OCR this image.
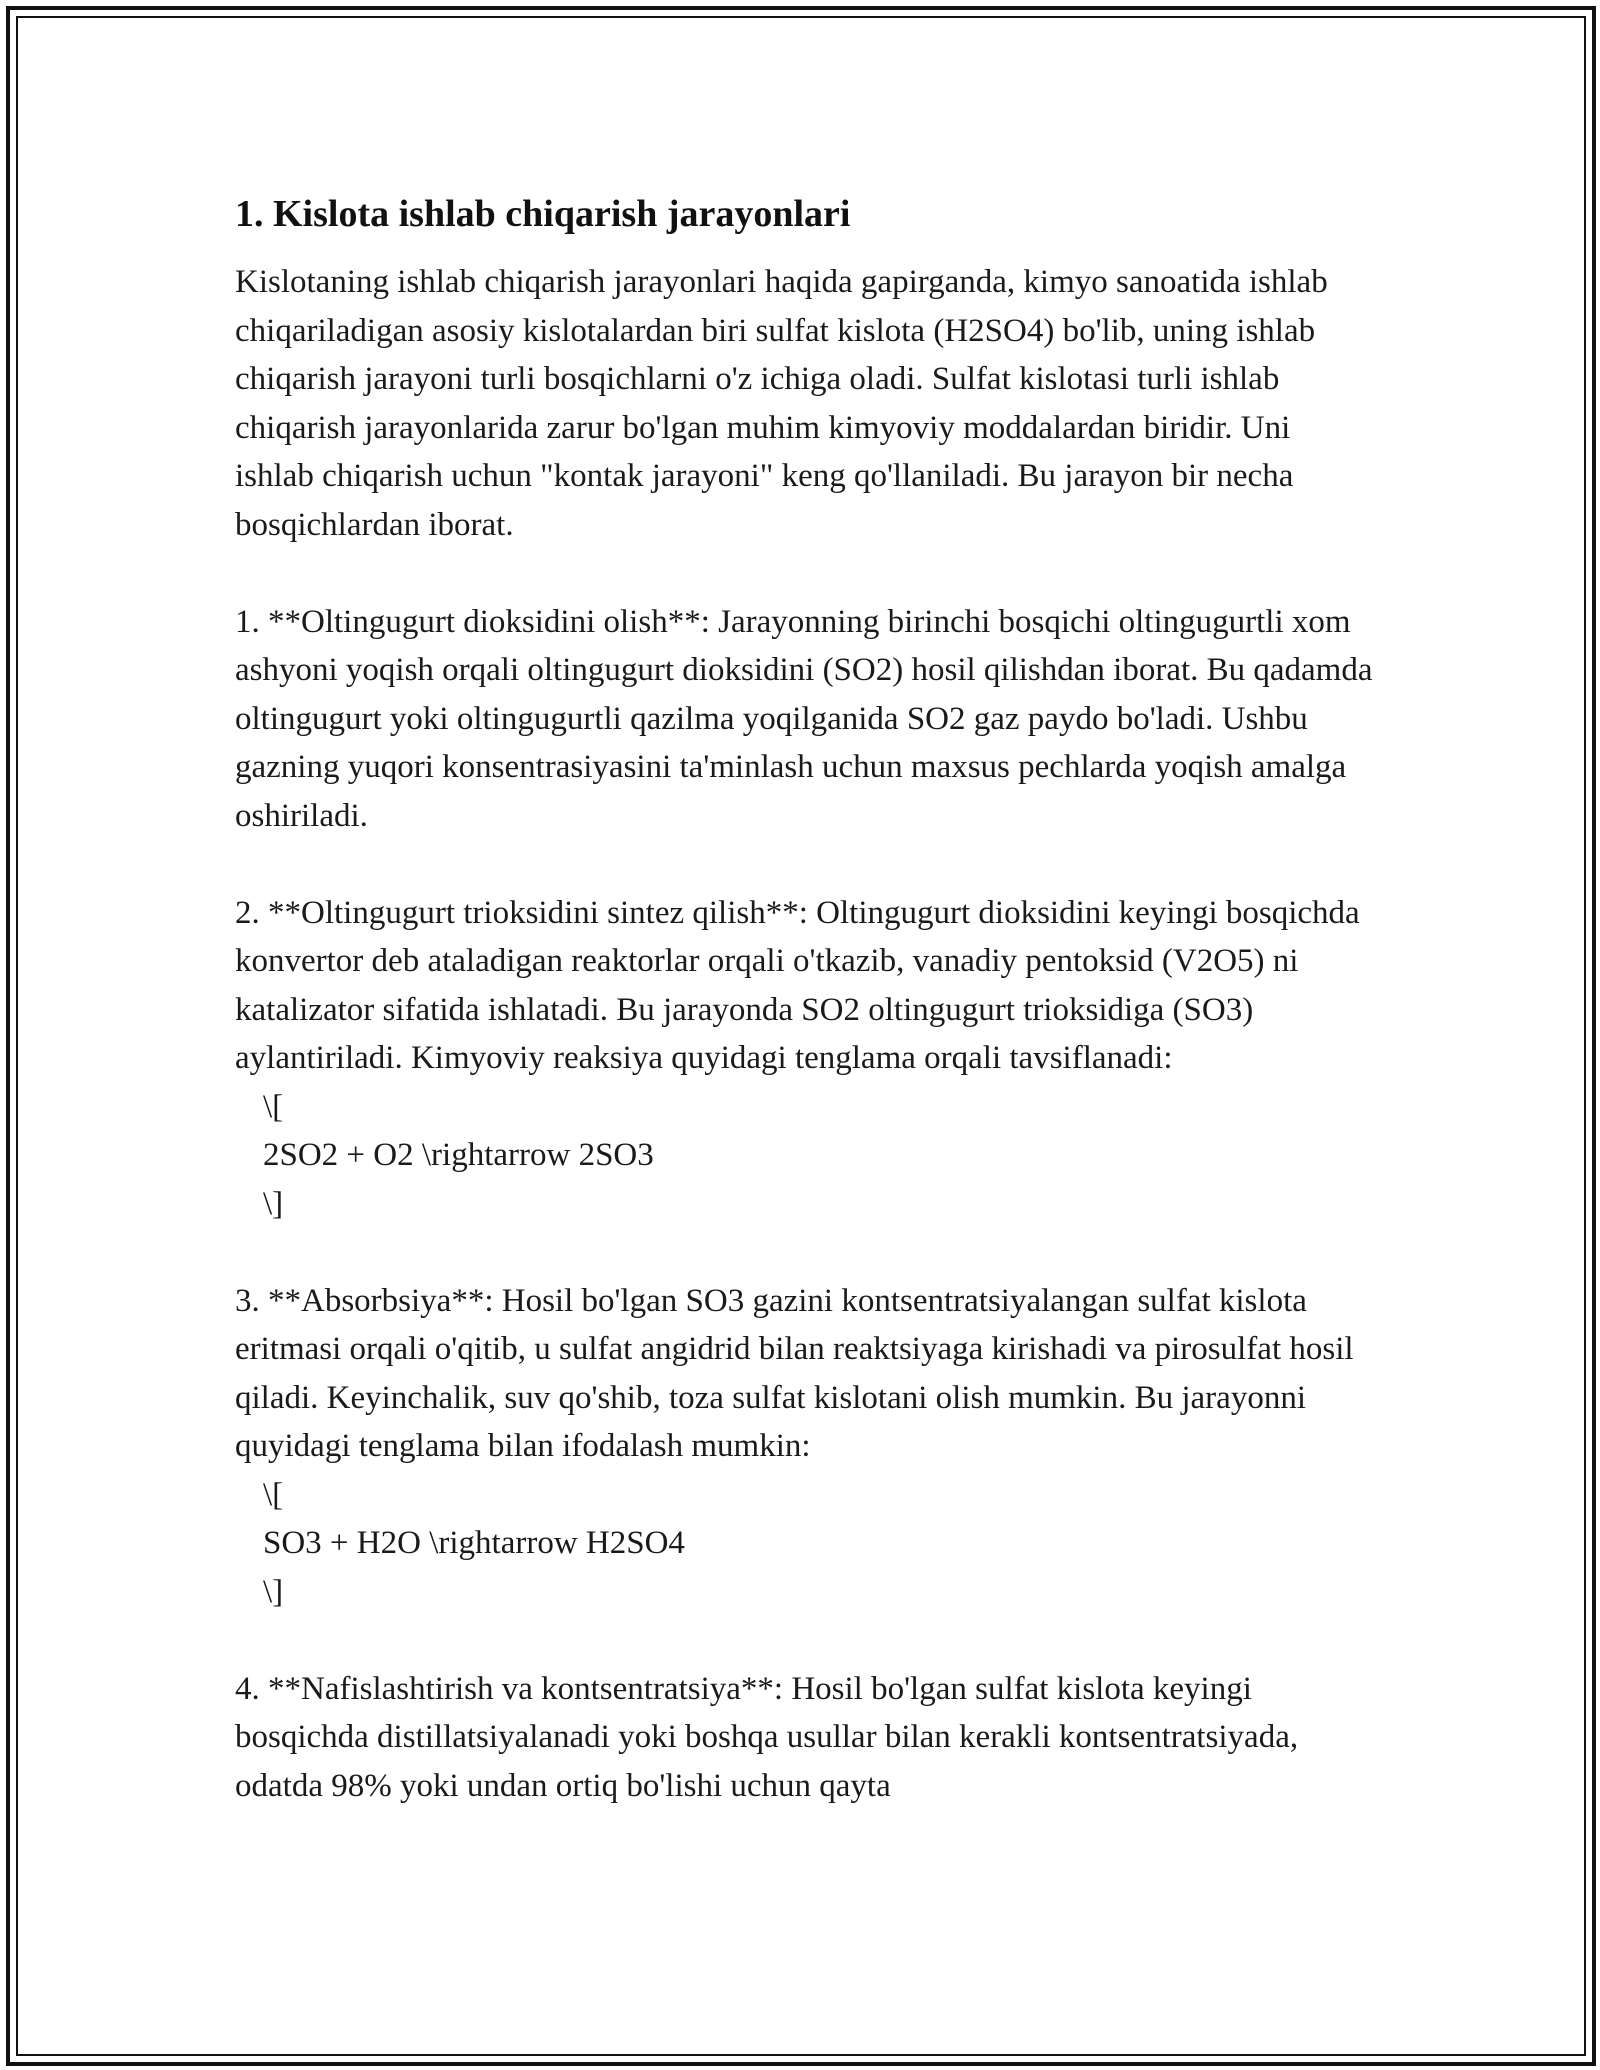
1. Kislota ishlab chiqarish jarayonlari

Kislotaning ishlab chiqarish jarayonlari haqida gapirganda, kimyo sanoatida ishlab chiqariladigan asosiy kislotalardan biri sulfat kislota (H2SO4) bo'lib, uning ishlab chiqarish jarayoni turli bosqichlarni o'z ichiga oladi. Sulfat kislotasi turli ishlab chiqarish jarayonlarida zarur bo'lgan muhim kimyoviy moddalardan biridir. Uni ishlab chiqarish uchun "kontak jarayoni" keng qo'llaniladi. Bu jarayon bir necha bosqichlardan iborat.

1. **Oltingugurt dioksidini olish**: Jarayonning birinchi bosqichi oltingugurtli xom ashyoni yoqish orqali oltingugurt dioksidini (SO2) hosil qilishdan iborat. Bu qadamda oltingugurt yoki oltingugurtli qazilma yoqilganida SO2 gaz paydo bo'ladi. Ushbu gazning yuqori konsentrasiyasini ta'minlash uchun maxsus pechlarda yoqish amalga oshiriladi.

2. **Oltingugurt trioksidini sintez qilish**: Oltingugurt dioksidini keyingi bosqichda konvertor deb ataladigan reaktorlar orqali o'tkazib, vanadiy pentoksid (V2O5) ni katalizator sifatida ishlatadi. Bu jarayonda SO2 oltingugurt trioksidiga (SO3) aylantiriladi. Kimyoviy reaksiya quyidagi tenglama orqali tavsiflanadi:

\[
2SO2 + O2 \rightarrow 2SO3
\]

3. **Absorbsiya**: Hosil bo'lgan SO3 gazini kontsentratsiyalangan sulfat kislota eritmasi orqali o'qitib, u sulfat angidrid bilan reaktsiyaga kirishadi va pirosulfat hosil qiladi. Keyinchalik, suv qo'shib, toza sulfat kislotani olish mumkin. Bu jarayonni quyidagi tenglama bilan ifodalash mumkin:

\[
SO3 + H2O \rightarrow H2SO4
\]

4. **Nafislashtirish va kontsentratsiya**: Hosil bo'lgan sulfat kislota keyingi bosqichda distillatsiyalanadi yoki boshqa usullar bilan kerakli kontsentratsiyada, odatda 98% yoki undan ortiq bo'lishi uchun qayta
